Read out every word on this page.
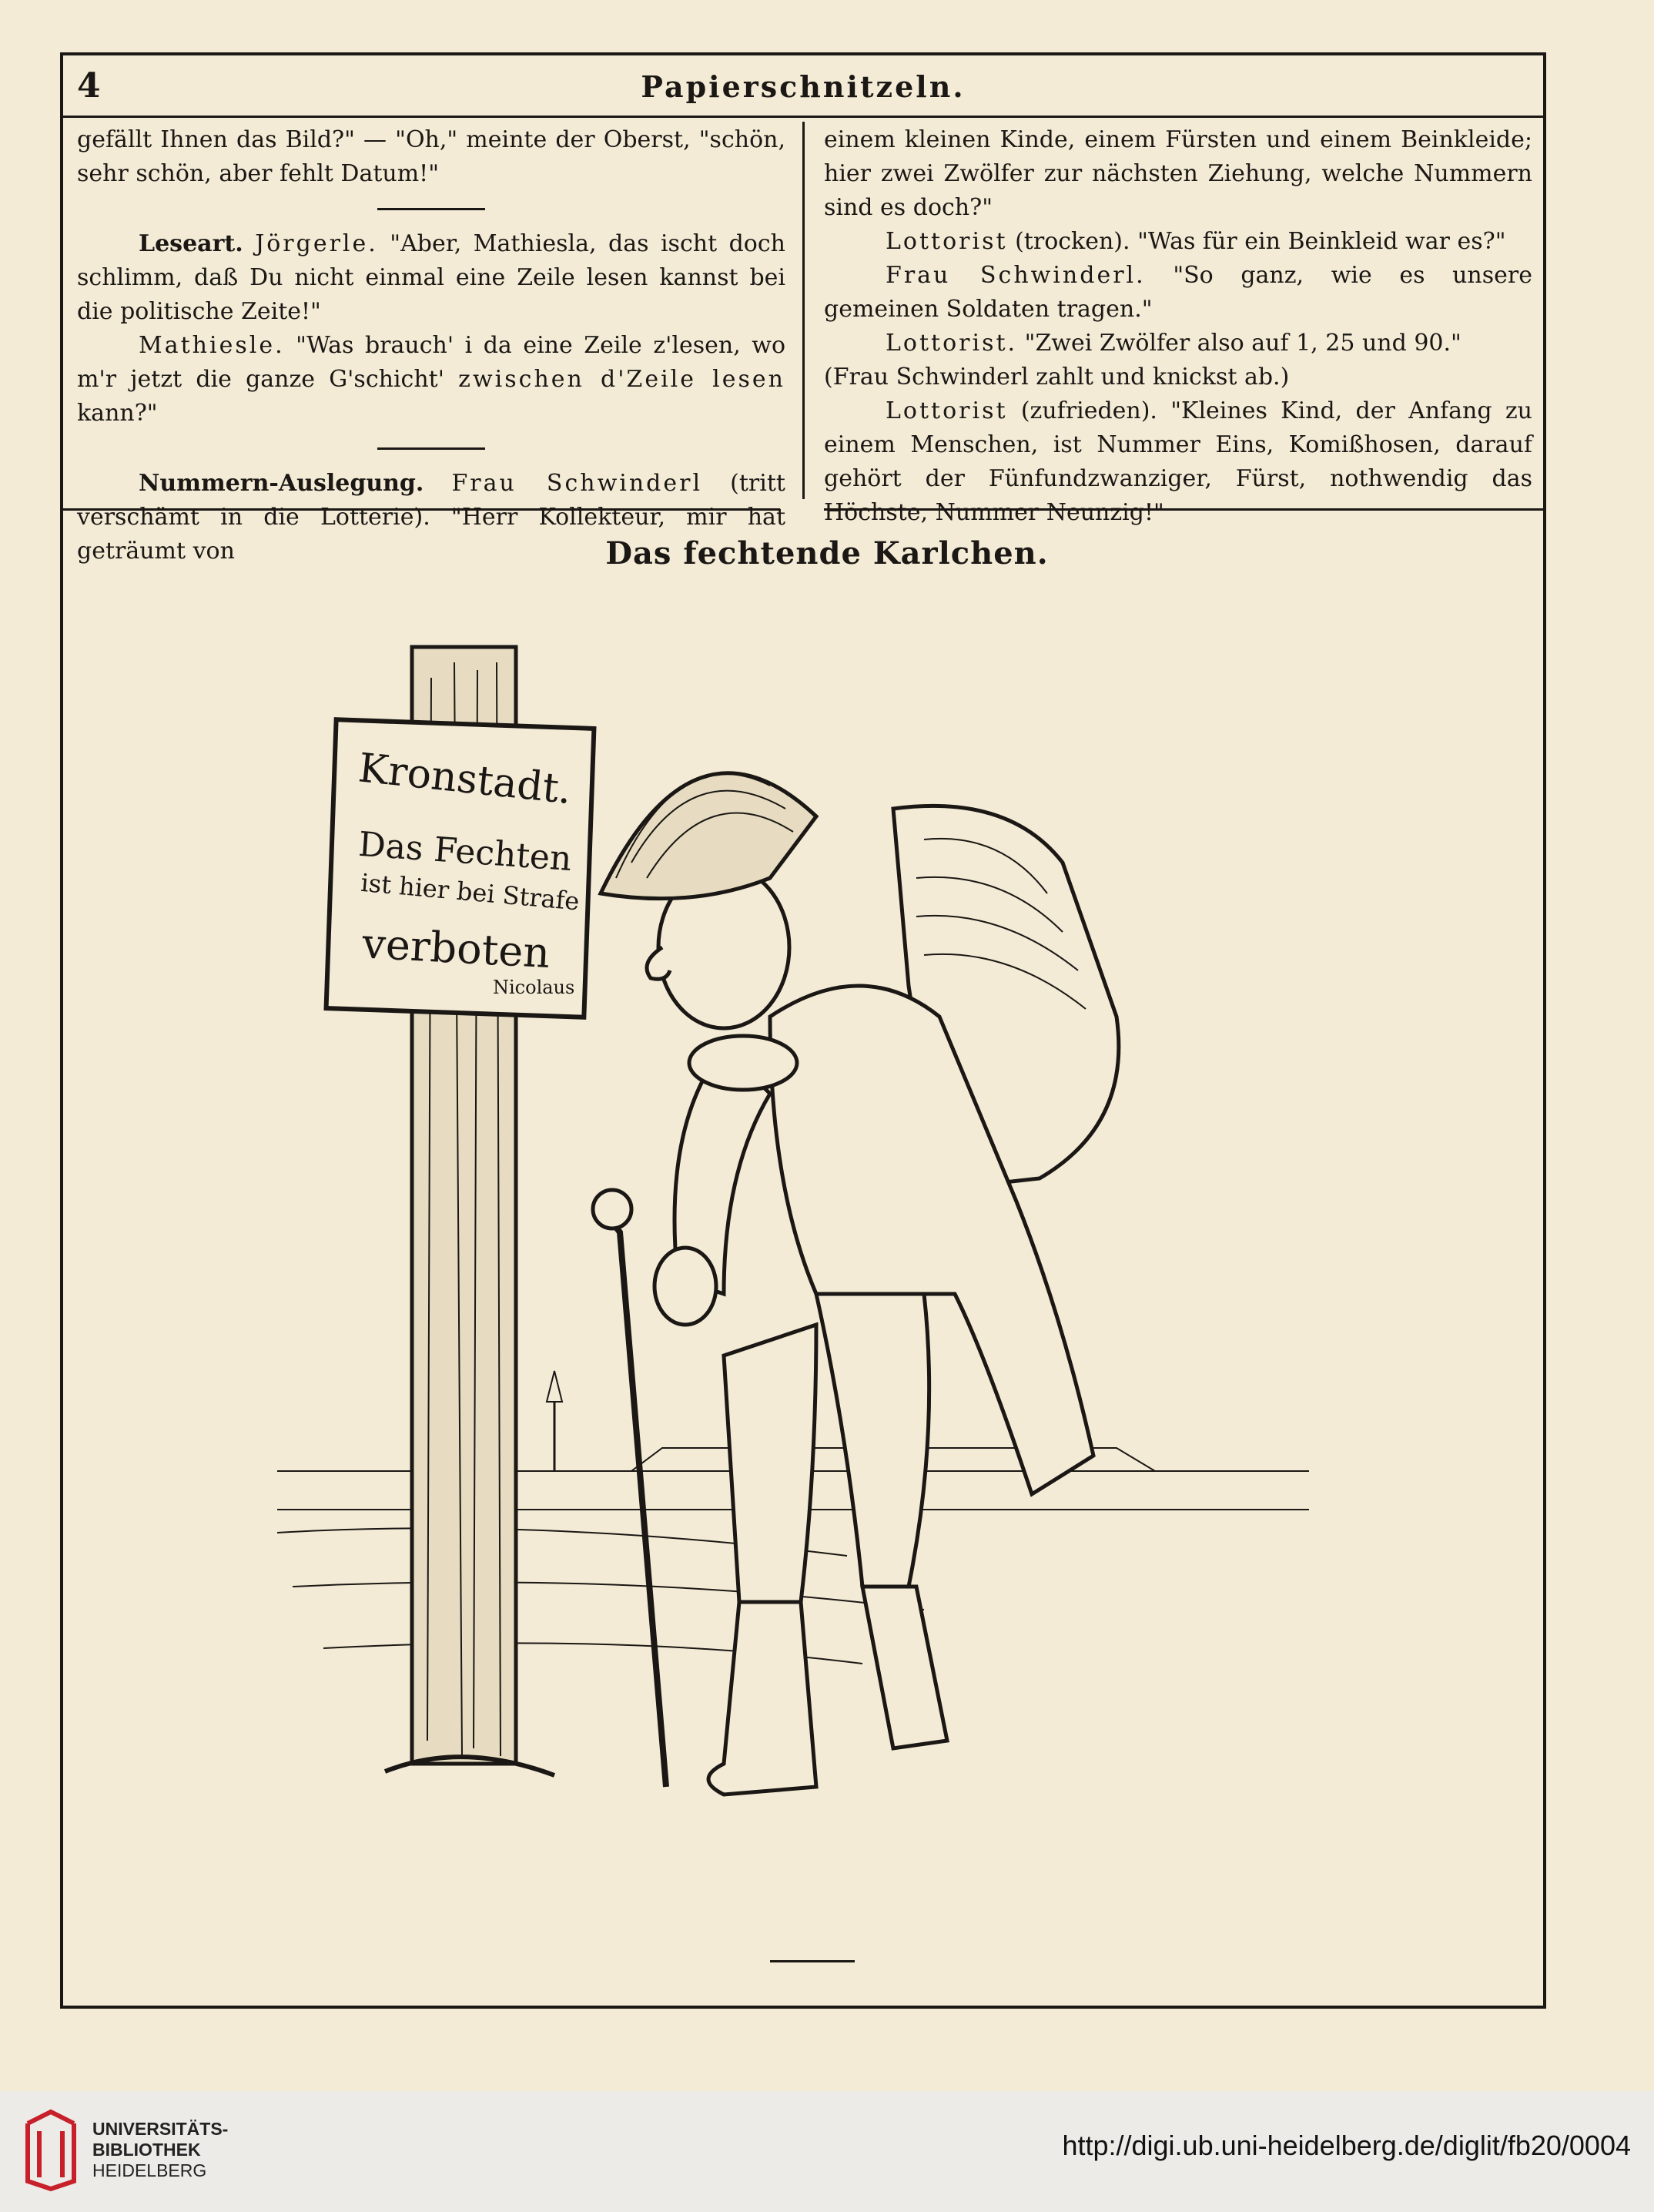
4	Papierschnitzeln.

gefällt Ihnen das Bild?" — "Oh," meinte der Oberst, "schön, sehr schön, aber fehlt Datum!"

Leseart. Jörgerle. "Aber, Mathiesla, das ischt doch schlimm, daß Du nicht einmal eine Zeile lesen kannst bei die politische Zeite!"

Mathiesle. "Was brauch' i da eine Zeile z'lesen, wo m'r jetzt die ganze G'schicht' zwischen d'Zeile lesen kann?"

Nummern-Auslegung. Frau Schwinderl (tritt verschämt in die Lotterie). "Herr Kollekteur, mir hat geträumt von

einem kleinen Kinde, einem Fürsten und einem Beinkleide; hier zwei Zwölfer zur nächsten Ziehung, welche Nummern sind es doch?"

Lottorist (trocken). "Was für ein Beinkleid war es?"

Frau Schwinderl. "So ganz, wie es unsere gemeinen Soldaten tragen."

Lottorist. "Zwei Zwölfer also auf 1, 25 und 90."

(Frau Schwinderl zahlt und knickst ab.)

Lottorist (zufrieden). "Kleines Kind, der Anfang zu einem Menschen, ist Nummer Eins, Komißhosen, darauf gehört der Fünfundzwanziger, Fürst, nothwendig das Höchste, Nummer Neunzig!"

Das fechtende Karlchen.
Kronstadt.
Das Fechten
ist hier bei Strafe
verboten
Nicolaus
UNIVERSITÄTS-
BIBLIOTHEK
HEIDELBERG
http://digi.ub.uni-heidelberg.de/diglit/fb20/0004
